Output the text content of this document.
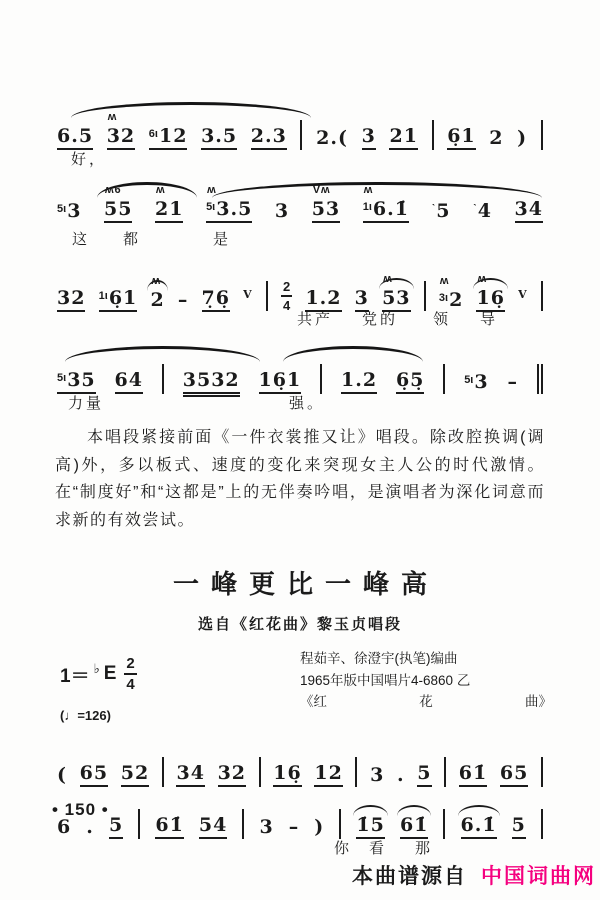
6.5 32
ʍ
6ι 12 3.5 2.3 2.( 3 21 6̣1 2 )
好，
5ι 3 55
ʍ6
21
ʍ
5ι 3.5
ʍ
3 53
Vʍ
1ι 6.1̇
ʍ
ˋ 5 ˋ 4 34
这 都	是
32 1ι 6̣1 2
ʍ
– 7̣6̣ V
2
4 1.2 3 53
ʍ
3ι 2
ʍ
16̣
ʍ
V
共产 党的 领 导
5ι 35 64 3532 16̣1 1.2 6̣5̣	5ι 3 –
力量	强。

本唱段紧接前面《一件衣裳推又让》唱段。除改腔换调(调高)外，多以板式、速度的变化来突现女主人公的时代激情。在“制度好”和“这都是”上的无伴奏吟唱，是演唱者为深化词意而求新的有效尝试。

一峰更比一峰高
选自《红花曲》黎玉贞唱段
1＝ ♭ E 2
4
(♩=126)
程茹辛、徐澄宇(执笔)编曲
1965年版中国唱片4-6860 乙
《红	花	曲》
( 65 52 34 32 16̣ 12 3 . 5 61̇ 65
6 . 5 61̇ 54 3 – ) 1̇5 61̇ 6.1̇ 5
你 看 那
• 150 •
本曲谱源自 中国词曲网
